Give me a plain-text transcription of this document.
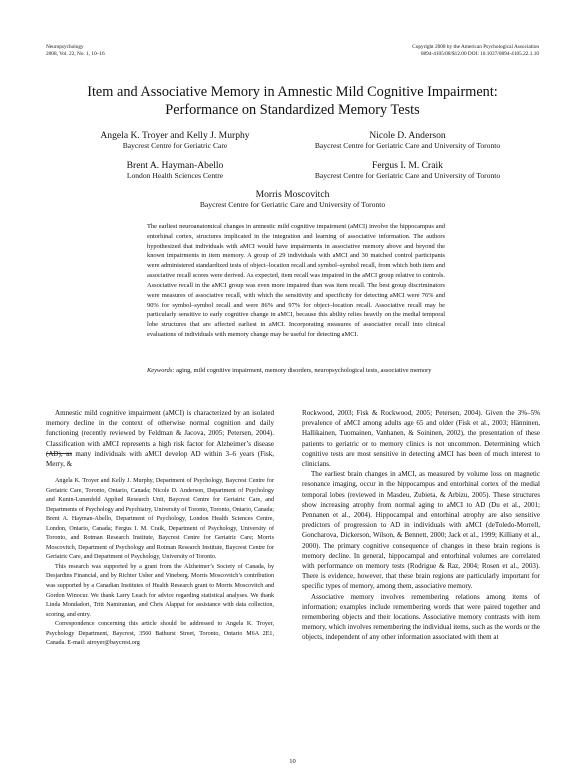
Neuropsychology
2008, Vol. 22, No. 1, 10–16
Copyright 2008 by the American Psychological Association
0894-4105/08/$12.00 DOI: 10.1037/0894-4105.22.1.10
Item and Associative Memory in Amnestic Mild Cognitive Impairment:
Performance on Standardized Memory Tests
Angela K. Troyer and Kelly J. Murphy
Baycrest Centre for Geriatric Care
Nicole D. Anderson
Baycrest Centre for Geriatric Care and University of Toronto
Brent A. Hayman-Abello
London Health Sciences Centre
Fergus I. M. Craik
Baycrest Centre for Geriatric Care and University of Toronto
Morris Moscovitch
Baycrest Centre for Geriatric Care and University of Toronto

The earliest neuroanatomical changes in amnestic mild cognitive impairment (aMCI) involve the hippocampus and entorhinal cortex, structures implicated in the integration and learning of associative information. The authors hypothesized that individuals with aMCI would have impairments in associative memory above and beyond the known impairments in item memory. A group of 29 individuals with aMCI and 30 matched control participants were administered standardized tests of object–location recall and symbol–symbol recall, from which both item and associative recall scores were derived. As expected, item recall was impaired in the aMCI group relative to controls. Associative recall in the aMCI group was even more impaired than was item recall. The best group discriminators were measures of associative recall, with which the sensitivity and specificity for detecting aMCI were 76% and 90% for symbol–symbol recall and were 86% and 97% for object–location recall. Associative recall may be particularly sensitive to early cognitive change in aMCI, because this ability relies heavily on the medial temporal lobe structures that are affected earliest in aMCI. Incorporating measures of associative recall into clinical evaluations of individuals with memory change may be useful for detecting aMCI.

Keywords: aging, mild cognitive impairment, memory disorders, neuropsychological tests, associative memory

Amnestic mild cognitive impairment (aMCI) is characterized by an isolated memory decline in the context of otherwise normal cognition and daily functioning (recently reviewed by Feldman & Jacova, 2005; Petersen, 2004). Classification with aMCI represents a high risk factor for Alzheimer’s disease (AD), as many individuals with aMCI develop AD within 3–6 years (Fisk, Merry, &

Angela K. Troyer and Kelly J. Murphy, Department of Psychology, Baycrest Centre for Geriatric Care, Toronto, Ontario, Canada; Nicole D. Anderson, Department of Psychology and Kunin-Lunenfeld Applied Research Unit, Baycrest Centre for Geriatric Care, and Departments of Psychology and Psychiatry, University of Toronto, Toronto, Ontario, Canada; Brent A. Hayman-Abello, Department of Psychology, London Health Sciences Centre, London, Ontario, Canada; Fergus I. M. Craik, Department of Psychology, University of Toronto, and Rotman Research Institute, Baycrest Centre for Geriatric Care; Morris Moscovitch, Department of Psychology and Rotman Research Institute, Baycrest Centre for Geriatric Care, and Department of Psychology, University of Toronto.

This research was supported by a grant from the Alzheimer’s Society of Canada, by Desjardins Financial, and by Richter Usher and Vineberg. Morris Moscovitch’s contribution was supported by a Canadian Institutes of Health Research grant to Morris Moscovitch and Gordon Winocur. We thank Larry Leach for advice regarding statistical analyses. We thank Linda Mondadori, Tritt Namiranian, and Chris Alappat for assistance with data collection, scoring, and entry.

Correspondence concerning this article should be addressed to Angela K. Troyer, Psychology Department, Baycrest, 3560 Bathurst Street, Toronto, Ontario M6A 2E1, Canada. E-mail: atroyer@baycrest.org

Rockwood, 2003; Fisk & Rockwood, 2005; Petersen, 2004). Given the 3%–5% prevalence of aMCI among adults age 65 and older (Fisk et al., 2003; Hänninen, Hallikainen, Tuomainen, Vanhanen, & Soininen, 2002), the presentation of these patients to geriatric or to memory clinics is not uncommon. Determining which cognitive tests are most sensitive in detecting aMCI has been of much interest to clinicians.

The earliest brain changes in aMCI, as measured by volume loss on magnetic resonance imaging, occur in the hippocampus and entorhinal cortex of the medial temporal lobes (reviewed in Masdeu, Zubieta, & Arbizu, 2005). These structures show increasing atrophy from normal aging to aMCI to AD (Du et al., 2001; Pennanen et al., 2004). Hippocampal and entorhinal atrophy are also sensitive predictors of progression to AD in individuals with aMCI (deToledo-Morrell, Goncharova, Dickerson, Wilson, & Bennett, 2000; Jack et al., 1999; Killiany et al., 2000). The primary cognitive consequence of changes in these brain regions is memory decline. In general, hippocampal and entorhinal volumes are correlated with performance on memory tests (Rodrigue & Raz, 2004; Rosen et al., 2003). There is evidence, however, that these brain regions are particularly important for specific types of memory, among them, associative memory.

Associative memory involves remembering relations among items of information; examples include remembering words that were paired together and remembering objects and their locations. Associative memory contrasts with item memory, which involves remembering the individual items, such as the words or the objects, independent of any other information associated with them at

10
